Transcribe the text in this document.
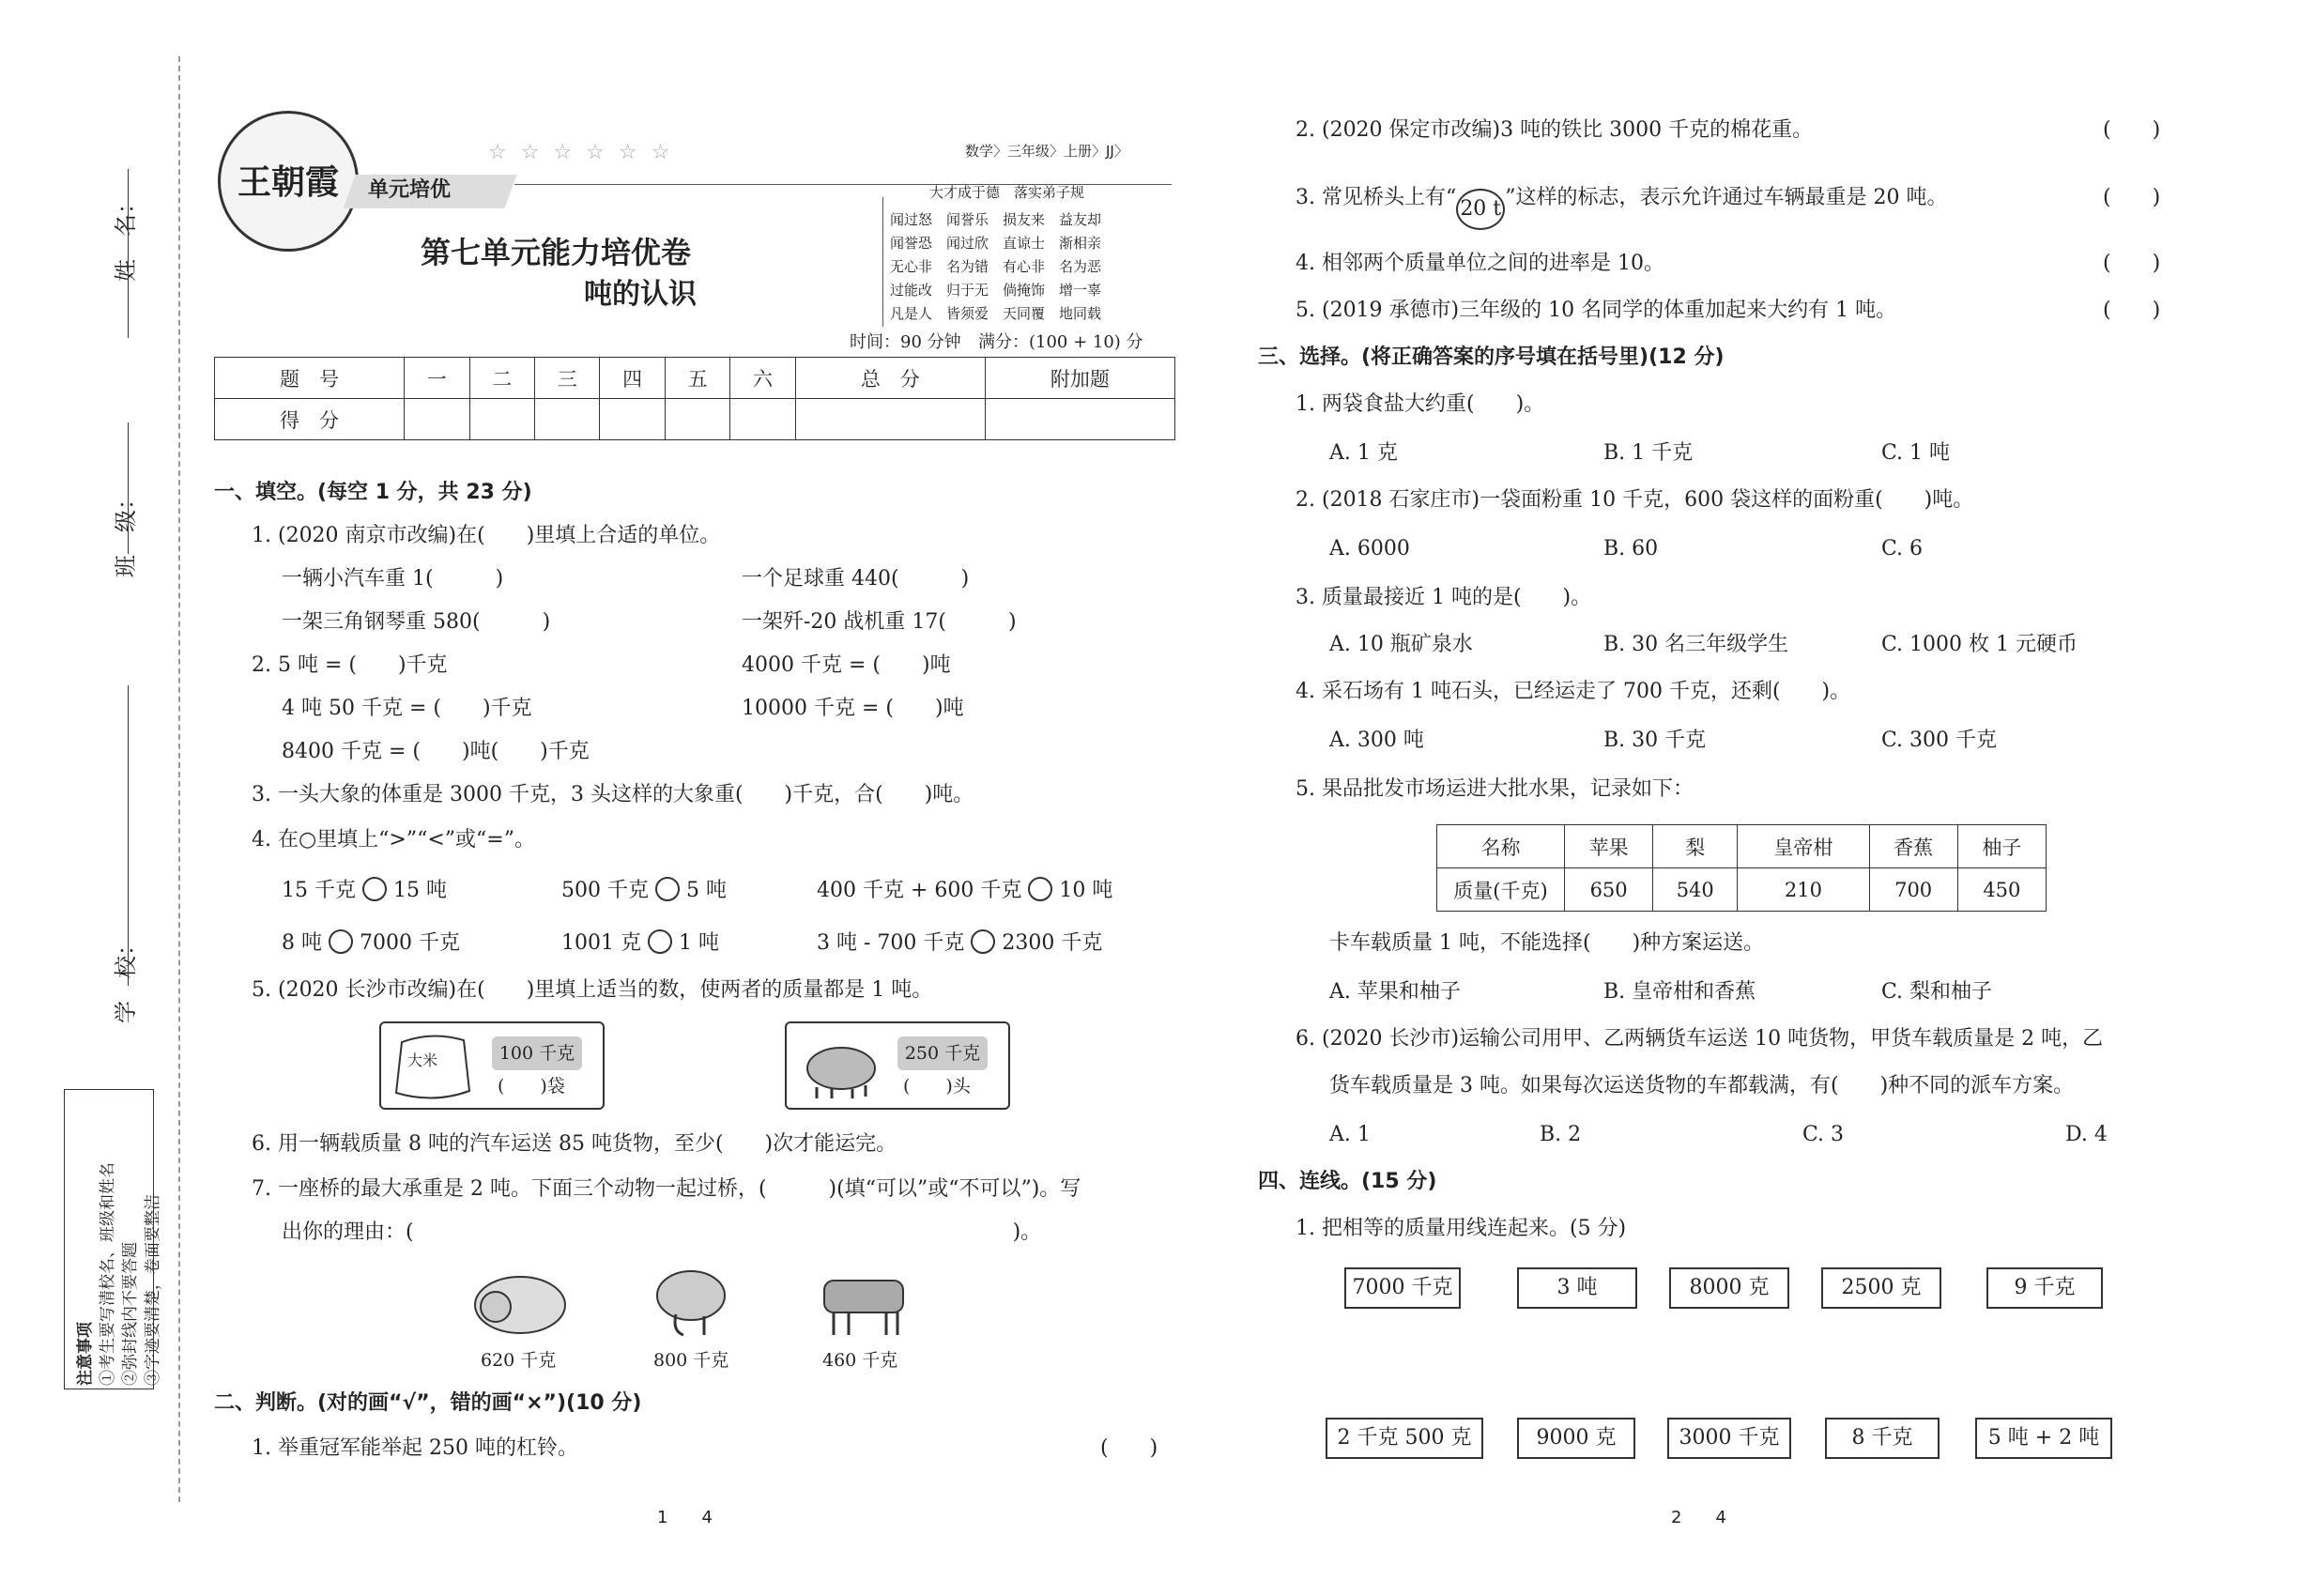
姓　名：
班　级：
学　校：
注意事项 ①考生要写清校名、班级和姓名 ②弥封线内不要答题 ③字迹要清楚，卷面要整洁
王朝霞
☆ ☆ ☆ ☆ ☆ ☆	数学〉三年级〉上册〉JJ〉
单元培优	大才成于德　落实弟子规
闻过怒　闻誉乐　损友来　益友却
闻誉恐　闻过欣　直谅士　渐相亲
无心非　名为错　有心非　名为恶
过能改　归于无　倘掩饰　增一辜
凡是人　皆须爱　天同覆　地同载
第七单元能力培优卷
吨的认识
时间：90 分钟 满分：(100 + 10) 分
题　号	一	二	三	四	五	六	总　分	附加题
得　分								
一、填空。(每空 1 分，共 23 分)
1. (2020 南京市改编)在(　　)里填上合适的单位。
一辆小汽车重 1(　　　)	一个足球重 440(　　　)
一架三角钢琴重 580(　　　)	一架歼-20 战机重 17(　　　)
2. 5 吨 = (　　)千克	4000 千克 = (　　)吨
4 吨 50 千克 = (　　)千克	10000 千克 = (　　)吨
8400 千克 = (　　)吨(　　)千克
3. 一头大象的体重是 3000 千克，3 头这样的大象重(　　)千克，合(　　)吨。
4. 在○里填上“>”“<”或“=”。
15 千克 15 吨	500 千克 5 吨	400 千克 + 600 千克 10 吨
8 吨 7000 千克	1001 克 1 吨	3 吨 - 700 千克 2300 千克
5. (2020 长沙市改编)在(　　)里填上适当的数，使两者的质量都是 1 吨。
大米	100 千克
(　　)袋
250 千克
(　　)头
6. 用一辆载质量 8 吨的汽车运送 85 吨货物，至少(　　)次才能运完。
7. 一座桥的最大承重是 2 吨。下面三个动物一起过桥，(　　　)(填“可以”或“不可以”)。写
出你的理由：(　　　　　　　　　　　　　　　　　　　　　　　　　　　　　)。
620 千克	800 千克	460 千克
二、判断。(对的画“√”，错的画“×”)(10 分)
1. 举重冠军能举起 250 吨的杠铃。	(　　)
1　　4
2. (2020 保定市改编)3 吨的铁比 3000 千克的棉花重。	(　　)
3. 常见桥头上有“ 20 t ”这样的标志，表示允许通过车辆最重是 20 吨。	(　　)
4. 相邻两个质量单位之间的进率是 10。	(　　)
5. (2019 承德市)三年级的 10 名同学的体重加起来大约有 1 吨。	(　　)
三、选择。(将正确答案的序号填在括号里)(12 分)
1. 两袋食盐大约重(　　)。
A. 1 克	B. 1 千克	C. 1 吨
2. (2018 石家庄市)一袋面粉重 10 千克，600 袋这样的面粉重(　　)吨。
A. 6000	B. 60	C. 6
3. 质量最接近 1 吨的是(　　)。
A. 10 瓶矿泉水	B. 30 名三年级学生	C. 1000 枚 1 元硬币
4. 采石场有 1 吨石头，已经运走了 700 千克，还剩(　　)。
A. 300 吨	B. 30 千克	C. 300 千克
5. 果品批发市场运进大批水果，记录如下：
名称	苹果	梨	皇帝柑	香蕉	柚子
质量(千克)	650	540	210	700	450
卡车载质量 1 吨，不能选择(　　)种方案运送。
A. 苹果和柚子	B. 皇帝柑和香蕉	C. 梨和柚子
6. (2020 长沙市)运输公司用甲、乙两辆货车运送 10 吨货物，甲货车载质量是 2 吨，乙
货车载质量是 3 吨。如果每次运送货物的车都载满，有(　　)种不同的派车方案。
A. 1	B. 2	C. 3	D. 4
四、连线。(15 分)
1. 把相等的质量用线连起来。(5 分)
7000 千克	3 吨	8000 克	2500 克	9 千克
2 千克 500 克	9000 克	3000 千克	8 千克	5 吨 + 2 吨
2　　4
